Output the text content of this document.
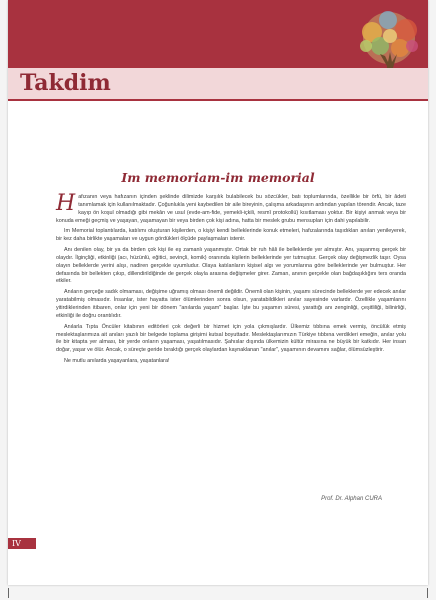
Takdim
Im memoriam-im memorial

Hafızanın veya hafızanın içinden şeklinde dilimizde karşılık bulabilecek bu sözcükler, batı toplumlarında, özellikle bir örfü, bir âdeti tanımlamak için kullanılmaktadır. Çoğunlukla yeni kaybedilen bir aile bireyinin, çalışma arkadaşının ardından yapılan törendir. Ancak, taze kayıp ön koşul olmadığı gibi mekân ve usul (evde-am-fide, yemekli-içkili, resmî protokollü) kısıtlaması yoktur. Bir kişiyi anmak veya bir konuda emeği geçmiş ve yaşayan, yaşamayan bir veya birden çok kişi adına, hatta bir meslek grubu mensupları için dahi yapılabilir.

Im Memorial toplantılarda, katılımı oluşturan kişilerden, o kişiyi kendi belleklerinde konuk etmeleri, hafızalarında taşıdıkları anıları yenileyerek, bir kez daha birlikte yaşamaları ve uygun gördükleri ölçüde paylaşmaları istenir.

Anı denilen olay, bir ya da birden çok kişi ile eş zamanlı yaşanmıştır. Ortak bir ruh hâli ile belleklerde yer almıştır. Anı, yaşanmış gerçek bir olaydır. İlginçliği, etkinliği (acı, hüzünlü, eğitici, sevinçli, komik) oranında kişilerin belleklerinde yer tutmuştur. Gerçek olay değişmezlik taşır. Oysa olayın belleklerde yerini alışı, nadiren gerçekle uyumludur. Olaya katılanların kişisel algı ve yorumlarına göre belleklerinde yer bulmuştur. Her defasında bir bellekten çıkıp, dillendirildiğinde de gerçek olayla arasına değişmeler girer. Zaman, anının gerçekle olan bağdaşıklığını ters oranda etkiler.

Anıların gerçeğe sadık olmaması, değişime uğramış olması önemli değildir. Önemli olan kişinin, yaşamı sürecinde belleklerde yer edecek anılar yaratabilmiş olmasıdır. İnsanlar, ister hayatta ister ölümlerinden sonra olsun, yaratabildikleri anılar sayesinde varlardır. Özellikle yaşamlarını yitirdiklerinden itibaren, onlar için yeni bir dönem "anılarda yaşam" başlar. İşte bu yaşamın süresi, yarattığı anı zenginliği, çeşitliliği, bilinirliği, etkinliği ile doğru orantılıdır.

Anılarla Tıpta Öncüler kitabının editörleri çok değerli bir hizmet için yola çıkmışlardır. Ülkemiz tıbbına emek vermiş, öncülük etmiş meslektaşlarımıza ait anıları yazılı bir belgede toplama girişimi kutsal boyuttadır. Meslektaşlarımızın Türkiye tıbbına verdikleri emeğin, anılar yolu ile bir kitapta yer alması, bir yerde onların yaşaması, yaşatılmasıdır. Şahıslar dışında ülkemizin kültür mirasına ne büyük bir katkıdır. Her insan doğar, yaşar ve ölür. Ancak, o süreçte geride bıraktığı gerçek olaylardan kaynaklanan "anılar", yaşamının devamını sağlar, ölümsüzleştirir.

Ne mutlu anılarda yaşayanlara, yaşatanlara!

Prof. Dr. Alphan CURA

IV
